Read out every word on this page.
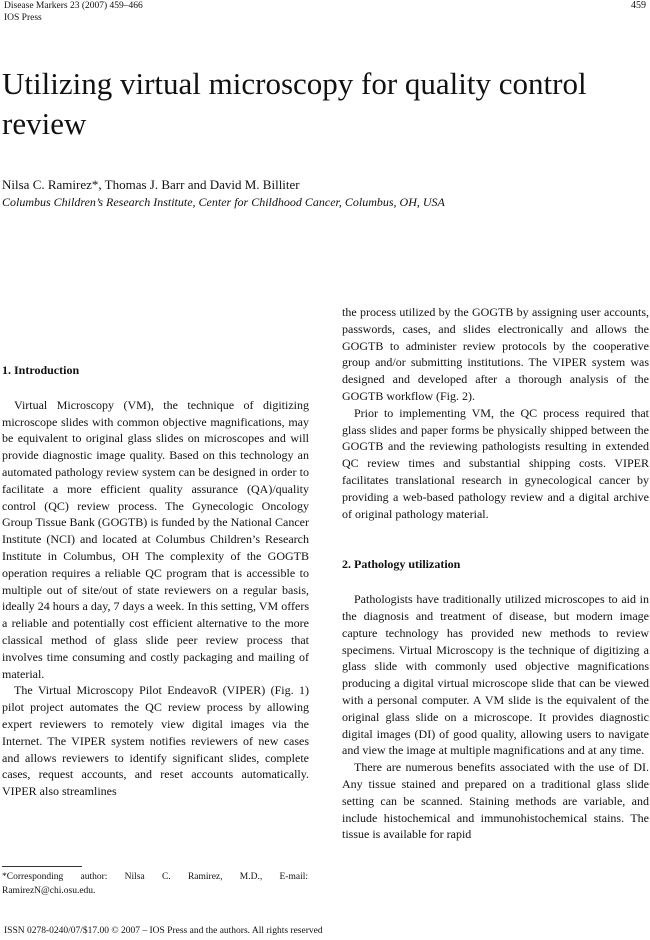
Disease Markers 23 (2007) 459–466
IOS Press
459
Utilizing virtual microscopy for quality control review
Nilsa C. Ramirez*, Thomas J. Barr and David M. Billiter
Columbus Children’s Research Institute, Center for Childhood Cancer, Columbus, OH, USA
1. Introduction

Virtual Microscopy (VM), the technique of digitizing microscope slides with common objective magnifications, may be equivalent to original glass slides on microscopes and will provide diagnostic image quality. Based on this technology an automated pathology review system can be designed in order to facilitate a more efficient quality assurance (QA)/quality control (QC) review process. The Gynecologic Oncology Group Tissue Bank (GOGTB) is funded by the National Cancer Institute (NCI) and located at Columbus Children’s Research Institute in Columbus, OH The complexity of the GOGTB operation requires a reliable QC program that is accessible to multiple out of site/out of state reviewers on a regular basis, ideally 24 hours a day, 7 days a week. In this setting, VM offers a reliable and potentially cost efficient alternative to the more classical method of glass slide peer review process that involves time consuming and costly packaging and mailing of material.

The Virtual Microscopy Pilot EndeavoR (VIPER) (Fig. 1) pilot project automates the QC review process by allowing expert reviewers to remotely view digital images via the Internet. The VIPER system notifies reviewers of new cases and allows reviewers to identify significant slides, complete cases, request accounts, and reset accounts automatically. VIPER also streamlines

the process utilized by the GOGTB by assigning user accounts, passwords, cases, and slides electronically and allows the GOGTB to administer review protocols by the cooperative group and/or submitting institutions. The VIPER system was designed and developed after a thorough analysis of the GOGTB workflow (Fig. 2).

Prior to implementing VM, the QC process required that glass slides and paper forms be physically shipped between the GOGTB and the reviewing pathologists resulting in extended QC review times and substantial shipping costs. VIPER facilitates translational research in gynecological cancer by providing a web-based pathology review and a digital archive of original pathology material.

2. Pathology utilization

Pathologists have traditionally utilized microscopes to aid in the diagnosis and treatment of disease, but modern image capture technology has provided new methods to review specimens. Virtual Microscopy is the technique of digitizing a glass slide with commonly used objective magnifications producing a digital virtual microscope slide that can be viewed with a personal computer. A VM slide is the equivalent of the original glass slide on a microscope. It provides diagnostic digital images (DI) of good quality, allowing users to navigate and view the image at multiple magnifications and at any time.

There are numerous benefits associated with the use of DI. Any tissue stained and prepared on a traditional glass slide setting can be scanned. Staining methods are variable, and include histochemical and immunohistochemical stains. The tissue is available for rapid

*Corresponding author: Nilsa C. Ramirez, M.D., E-mail: RamirezN@chi.osu.edu.
ISSN 0278-0240/07/$17.00 © 2007 – IOS Press and the authors. All rights reserved
